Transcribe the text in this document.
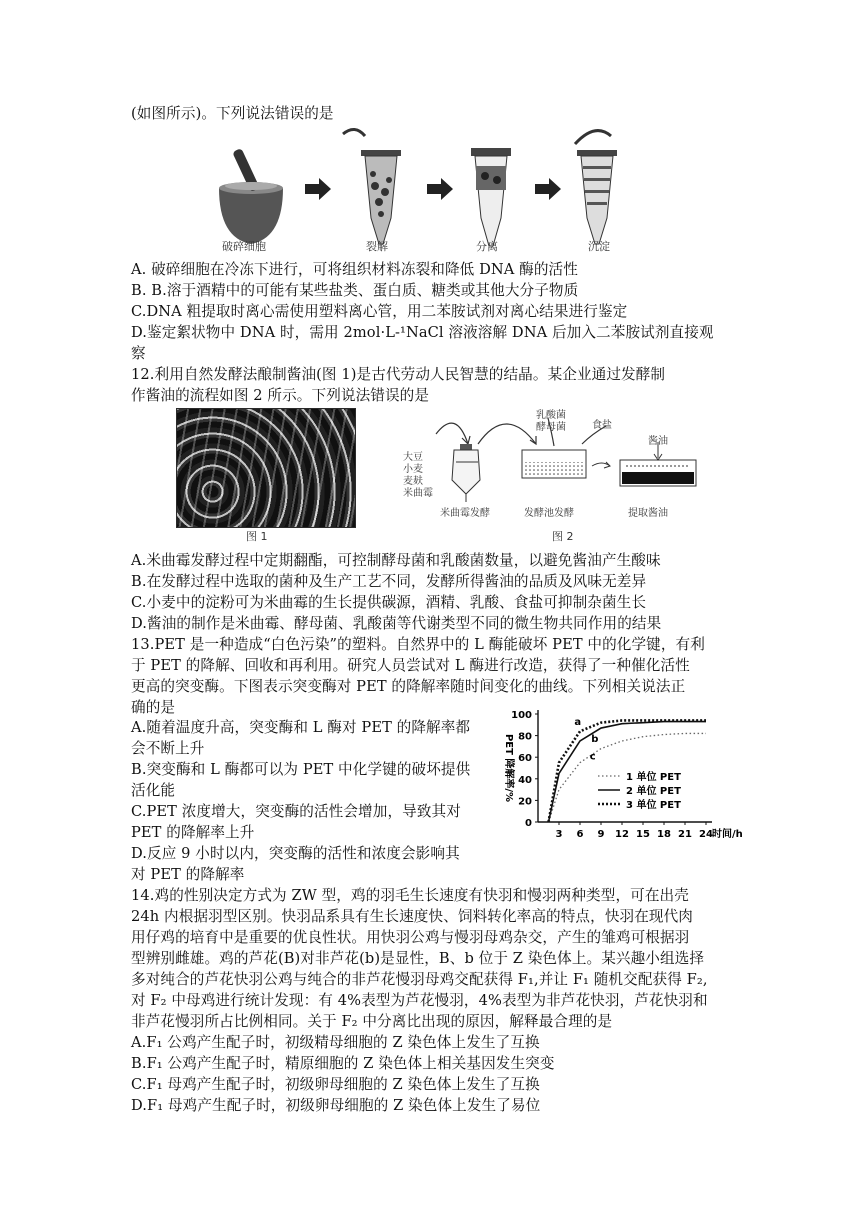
(如图所示)。下列说法错误的是
破碎细胞	裂解	分离	沉淀
A. 破碎细胞在冷冻下进行，可将组织材料冻裂和降低 DNA 酶的活性
B. B.溶于酒精中的可能有某些盐类、蛋白质、糖类或其他大分子物质
C.DNA 粗提取时离心需使用塑料离心管，用二苯胺试剂对离心结果进行鉴定
D.鉴定絮状物中 DNA 时，需用 2mol·L-¹NaCl 溶液溶解 DNA 后加入二苯胺试剂直接观
察
12.利用自然发酵法酿制酱油(图 1)是古代劳动人民智慧的结晶。某企业通过发酵制
作酱油的流程如图 2 所示。下列说法错误的是
图 1
大豆
小麦
麦麸
米曲霉
乳酸菌
酵母菌	食盐
酱油
米曲霉发酵	发酵池发酵	提取酱油
图 2
A.米曲霉发酵过程中定期翻酯，可控制酵母菌和乳酸菌数量，以避免酱油产生酸味
B.在发酵过程中选取的菌种及生产工艺不同，发酵所得酱油的品质及风味无差异
C.小麦中的淀粉可为米曲霉的生长提供碳源，酒精、乳酸、食盐可抑制杂菌生长
D.酱油的制作是米曲霉、酵母菌、乳酸菌等代谢类型不同的微生物共同作用的结果
13.PET 是一种造成“白色污染”的塑料。自然界中的 L 酶能破坏 PET 中的化学键，有利
于 PET 的降解、回收和再利用。研究人员尝试对 L 酶进行改造，获得了一种催化活性
更高的突变酶。下图表示突变酶对 PET 的降解率随时间变化的曲线。下列相关说法正
确的是
A.随着温度升高，突变酶和 L 酶对 PET 的降解率都
会不断上升
B.突变酶和 L 酶都可以为 PET 中化学键的破坏提供
活化能
C.PET 浓度增大，突变酶的活性会增加，导致其对
PET 的降解率上升
D.反应 9 小时以内，突变酶的活性和浓度会影响其
对 PET 的降解率
0
20
40
60
80
100
3 6 9 12 15 18 21 24 时间/h
PET 降解率/%	c
b
a
1 单位 PET
2 单位 PET
3 单位 PET
14.鸡的性别决定方式为 ZW 型，鸡的羽毛生长速度有快羽和慢羽两种类型，可在出壳
24h 内根据羽型区别。快羽品系具有生长速度快、饲料转化率高的特点，快羽在现代肉
用仔鸡的培育中是重要的优良性状。用快羽公鸡与慢羽母鸡杂交，产生的雏鸡可根据羽
型辨别雌雄。鸡的芦花(B)对非芦花(b)是显性，B、b 位于 Z 染色体上。某兴趣小组选择
多对纯合的芦花快羽公鸡与纯合的非芦花慢羽母鸡交配获得 F₁,并让 F₁ 随机交配获得 F₂,
对 F₂ 中母鸡进行统计发现：有 4%表型为芦花慢羽，4%表型为非芦花快羽，芦花快羽和
非芦花慢羽所占比例相同。关于 F₂ 中分离比出现的原因，解释最合理的是
A.F₁ 公鸡产生配子时，初级精母细胞的 Z 染色体上发生了互换
B.F₁ 公鸡产生配子时，精原细胞的 Z 染色体上相关基因发生突变
C.F₁ 母鸡产生配子时，初级卵母细胞的 Z 染色体上发生了互换
D.F₁ 母鸡产生配子时，初级卵母细胞的 Z 染色体上发生了易位
